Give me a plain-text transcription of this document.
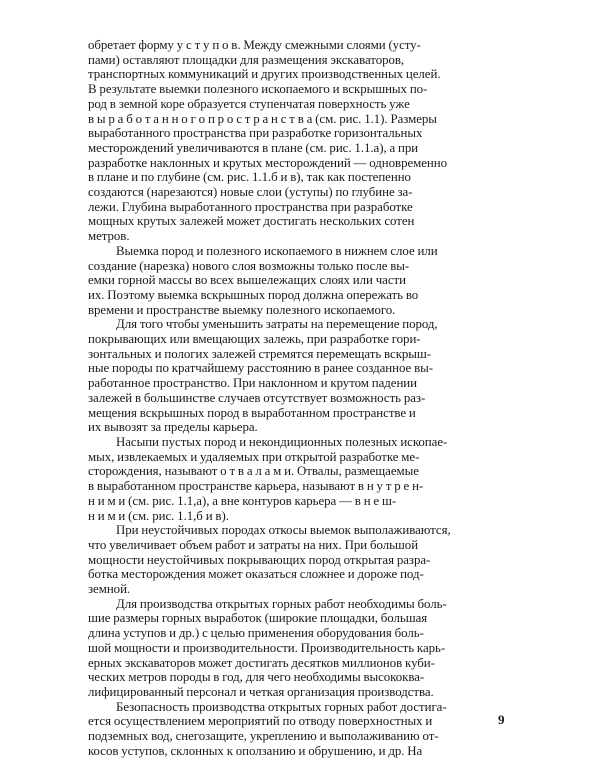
обретает форму у с т у п о в. Между смежными слоями (усту-
пами) оставляют площадки для размещения экскаваторов,
транспортных коммуникаций и других производственных целей.
В результате выемки полезного ископаемого и вскрышных по-
род в земной коре образуется ступенчатая поверхность уже
в ы р а б о т а н н о г о п р о с т р а н с т в а (см. рис. 1.1). Размеры
выработанного пространства при разработке горизонтальных
месторождений увеличиваются в плане (см. рис. 1.1.а), а при
разработке наклонных и крутых месторождений — одновременно
в плане и по глубине (см. рис. 1.1.б и в), так как постепенно
создаются (нарезаются) новые слои (уступы) по глубине за-
лежи. Глубина выработанного пространства при разработке
мощных крутых залежей может достигать нескольких сотен
метров.

Выемка пород и полезного ископаемого в нижнем слое или
создание (нарезка) нового слоя возможны только после вы-
емки горной массы во всех вышележащих слоях или части
их. Поэтому выемка вскрышных пород должна опережать во
времени и пространстве выемку полезного ископаемого.

Для того чтобы уменьшить затраты на перемещение пород,
покрывающих или вмещающих залежь, при разработке гори-
зонтальных и пологих залежей стремятся перемещать вскрыш-
ные породы по кратчайшему расстоянию в ранее созданное вы-
работанное пространство. При наклонном и крутом падении
залежей в большинстве случаев отсутствует возможность раз-
мещения вскрышных пород в выработанном пространстве и
их вывозят за пределы карьера.

Насыпи пустых пород и некондиционных полезных ископае-
мых, извлекаемых и удаляемых при открытой разработке ме-
сторождения, называют о т в а л а м и. Отвалы, размещаемые
в выработанном пространстве карьера, называют в н у т р е н-
н и м и (см. рис. 1.1,а), а вне контуров карьера — в н е ш-
н и м и (см. рис. 1.1,б и в).

При неустойчивых породах откосы выемок выполаживаются,
что увеличивает объем работ и затраты на них. При большой
мощности неустойчивых покрывающих пород открытая разра-
ботка месторождения может оказаться сложнее и дороже под-
земной.

Для производства открытых горных работ необходимы боль-
шие размеры горных выработок (широкие площадки, большая
длина уступов и др.) с целью применения оборудования боль-
шой мощности и производительности. Производительность карь-
ерных экскаваторов может достигать десятков миллионов куби-
ческих метров породы в год, для чего необходимы высококва-
лифицированный персонал и четкая организация производства.

Безопасность производства открытых горных работ достига-
ется осуществлением мероприятий по отводу поверхностных и
подземных вод, снегозащите, укреплению и выполаживанию от-
косов уступов, склонных к оползанию и обрушению, и др. На

9
